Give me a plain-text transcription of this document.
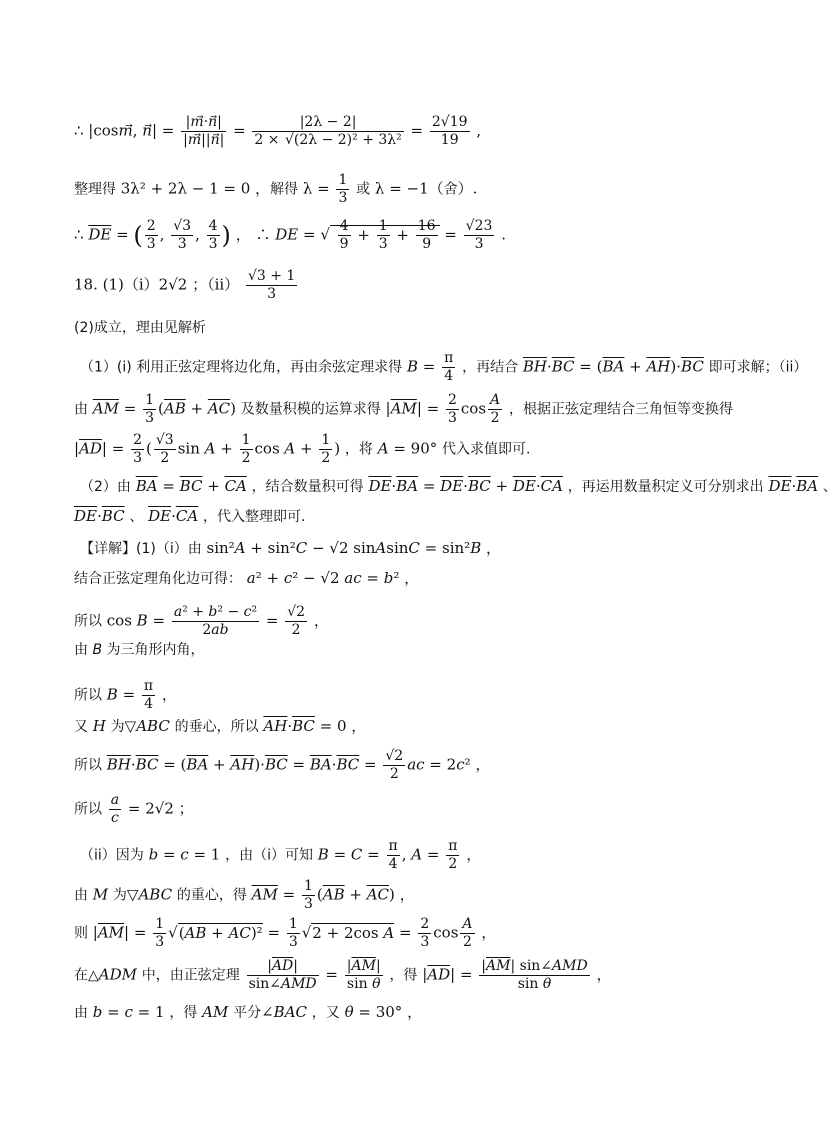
∴ |cosm⃗, n⃗| = $\frac{|m⃗\cdot n⃗|}{|m⃗||n⃗|} = \frac{|2\lambda - 2|}{\text{2 × √(2λ − 2)² + 3λ²}} = \frac{2√19}{19}$ ,
整理得 3λ² + 2λ − 1 = 0 ，解得 $\lambda = \frac{1}{3}$ 或 λ = −1（舍）.
∴ $\overline{DE}$ = ( $\frac{2}{3}$ , $\frac{√3}{3}$ , $\frac{4}{3}$ ) ， ∴ DE = √ $\frac{4}{9} + \frac{1}{3} + \frac{16}{9} = \frac{√23}{3}$ .
18. (1)（i）2√2 ；$(ii) \frac{√3 + 1}{3}$
(2)成立，理由见解析
（1）(i) 利用正弦定理将边化角，再由余弦定理求得 $B = \frac{\pi}{4}$ ，再结合 $\overline{BH}\cdot\overline{BC} = (\overline{BA} + \overline{AH})\cdot\overline{BC}$ 即可求解；（ii）
由 $\overline{AM} = \frac{1}{3} (\overline{AB} + \overline{AC})$ 及数量积模的运算求得 $|\overline{AM}| = \frac{2}{3}$ $\cos \frac{A}{2}$ ，根据正弦定理结合三角恒等变换得
$|\overline{AD}| = \frac{2}{3}$ ( $\frac{√3}{2}$ $\sin A + \frac{1}{2}$ $\cos A + \frac{1}{2}$ ) ，将 A = 90° 代入求值即可.
（2）由 $\overline{BA} = \overline{BC} + \overline{CA}$ ，结合数量积可得 $\overline{DE}\cdot\overline{BA} = \overline{DE}\cdot\overline{BC} + \overline{DE}\cdot\overline{CA}$ ，再运用数量积定义可分别求出 $\overline{DE}\cdot\overline{BA}$ 、
$\overline{DE}\cdot\overline{BC}$ 、 $\overline{DE}\cdot\overline{CA}$ ，代入整理即可.
【详解】(1)（i）由 sin²A + sin²C − √2 sinAsinC = sin²B ，
结合正弦定理角化边可得： a² + c² − √2 ac = b² ，
所以 $\cos B = \frac{\text{a² + b² − c²}}{2ab} = \frac{√2}{2}$ ，
由 B 为三角形内角，
所以 $B = \frac{\pi}{4}$ ，
又 H 为▽ABC 的垂心，所以 $\overline{AH}\cdot\overline{BC} = 0$ ，
所以 $\overline{BH}\cdot\overline{BC} = (\overline{BA} + \overline{AH})\cdot\overline{BC} = \overline{BA}\cdot\overline{BC} = \frac{√2}{2}$ ac = 2c² ，
所以 $\frac{a}{c} = 2√2$ ；
（ii）因为 b = c = 1 ，由（i）可知 $B = C = \frac{\pi}{4}$ , $A = \frac{\pi}{2}$ ，
由 M 为▽ABC 的重心，得 $\overline{AM} = \frac{1}{3} (\overline{AB} + \overline{AC})$ ，
则 $|\overline{AM}| = \frac{1}{3} √(\overline{AB} + \overline{AC})^2 = \frac{1}{3} √2 + 2\cos$ $A = \frac{2}{3}$ $\cos \frac{A}{2}$ ，
在△ADM 中，由正弦定理 $\frac{|\overline{AD}|}{\text{sin∠AMD}} = \frac{|\overline{AM}|}{\text{sin θ}}$ ，得 $|\overline{AD}| = \frac{|\overline{AM}| \sin\angle AMD}{\text{sin θ}}$ ，
由 b = c = 1 ，得 AM 平分∠BAC ，又 θ = 30° ，
